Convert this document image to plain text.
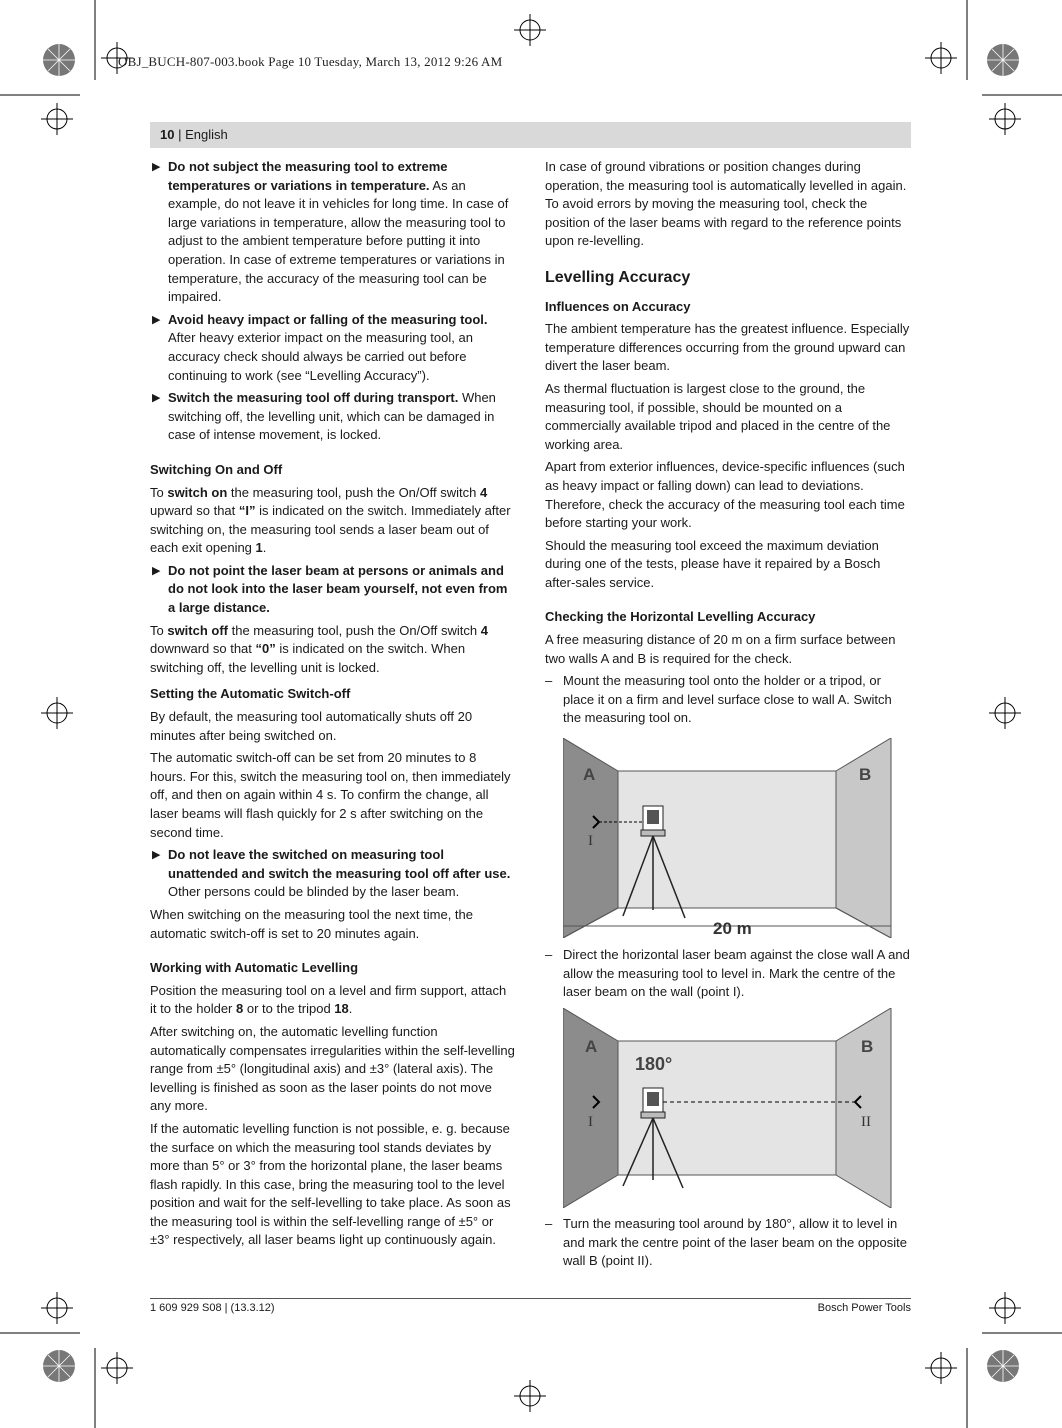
OBJ_BUCH-807-003.book Page 10 Tuesday, March 13, 2012 9:26 AM
10 | English
▶ Do not subject the measuring tool to extreme temperatures or variations in temperature. As an example, do not leave it in vehicles for long time. In case of large variations in temperature, allow the measuring tool to adjust to the ambient temperature before putting it into operation. In case of extreme temperatures or variations in temperature, the accuracy of the measuring tool can be impaired.
▶ Avoid heavy impact or falling of the measuring tool. After heavy exterior impact on the measuring tool, an accuracy check should always be carried out before continuing to work (see “Levelling Accuracy”).
▶ Switch the measuring tool off during transport. When switching off, the levelling unit, which can be damaged in case of intense movement, is locked.
Switching On and Off

To switch on the measuring tool, push the On/Off switch 4 upward so that “I” is indicated on the switch. Immediately after switching on, the measuring tool sends a laser beam out of each exit opening 1.

▶ Do not point the laser beam at persons or animals and do not look into the laser beam yourself, not even from a large distance.

To switch off the measuring tool, push the On/Off switch 4 downward so that “0” is indicated on the switch. When switching off, the levelling unit is locked.

Setting the Automatic Switch-off

By default, the measuring tool automatically shuts off 20 minutes after being switched on.

The automatic switch-off can be set from 20 minutes to 8 hours. For this, switch the measuring tool on, then immediately off, and then on again within 4 s. To confirm the change, all laser beams will flash quickly for 2 s after switching on the second time.

▶ Do not leave the switched on measuring tool unattended and switch the measuring tool off after use. Other persons could be blinded by the laser beam.

When switching on the measuring tool the next time, the automatic switch-off is set to 20 minutes again.

Working with Automatic Levelling

Position the measuring tool on a level and firm support, attach it to the holder 8 or to the tripod 18.

After switching on, the automatic levelling function automatically compensates irregularities within the self-levelling range from ±5° (longitudinal axis) and ±3° (lateral axis). The levelling is finished as soon as the laser points do not move any more.

If the automatic levelling function is not possible, e. g. because the surface on which the measuring tool stands deviates by more than 5° or 3° from the horizontal plane, the laser beams flash rapidly. In this case, bring the measuring tool to the level position and wait for the self-levelling to take place. As soon as the measuring tool is within the self-levelling range of ±5° or ±3° respectively, all laser beams light up continuously again.

In case of ground vibrations or position changes during operation, the measuring tool is automatically levelled in again. To avoid errors by moving the measuring tool, check the position of the laser beams with regard to the reference points upon re-levelling.

Levelling Accuracy
Influences on Accuracy

The ambient temperature has the greatest influence. Especially temperature differences occurring from the ground upward can divert the laser beam.

As thermal fluctuation is largest close to the ground, the measuring tool, if possible, should be mounted on a commercially available tripod and placed in the centre of the working area.

Apart from exterior influences, device-specific influences (such as heavy impact or falling down) can lead to deviations. Therefore, check the accuracy of the measuring tool each time before starting your work.

Should the measuring tool exceed the maximum deviation during one of the tests, please have it repaired by a Bosch after-sales service.

Checking the Horizontal Levelling Accuracy

A free measuring distance of 20 m on a firm surface between two walls A and B is required for the check.

– Mount the measuring tool onto the holder or a tripod, or place it on a firm and level surface close to wall A. Switch the measuring tool on.
A	B
I
20 m
– Direct the horizontal laser beam against the close wall A and allow the measuring tool to level in. Mark the centre of the laser beam on the wall (point I).
A	B
180°
I	II
– Turn the measuring tool around by 180°, allow it to level in and mark the centre point of the laser beam on the opposite wall B (point II).
1 609 929 S08 | (13.3.12)	Bosch Power Tools
